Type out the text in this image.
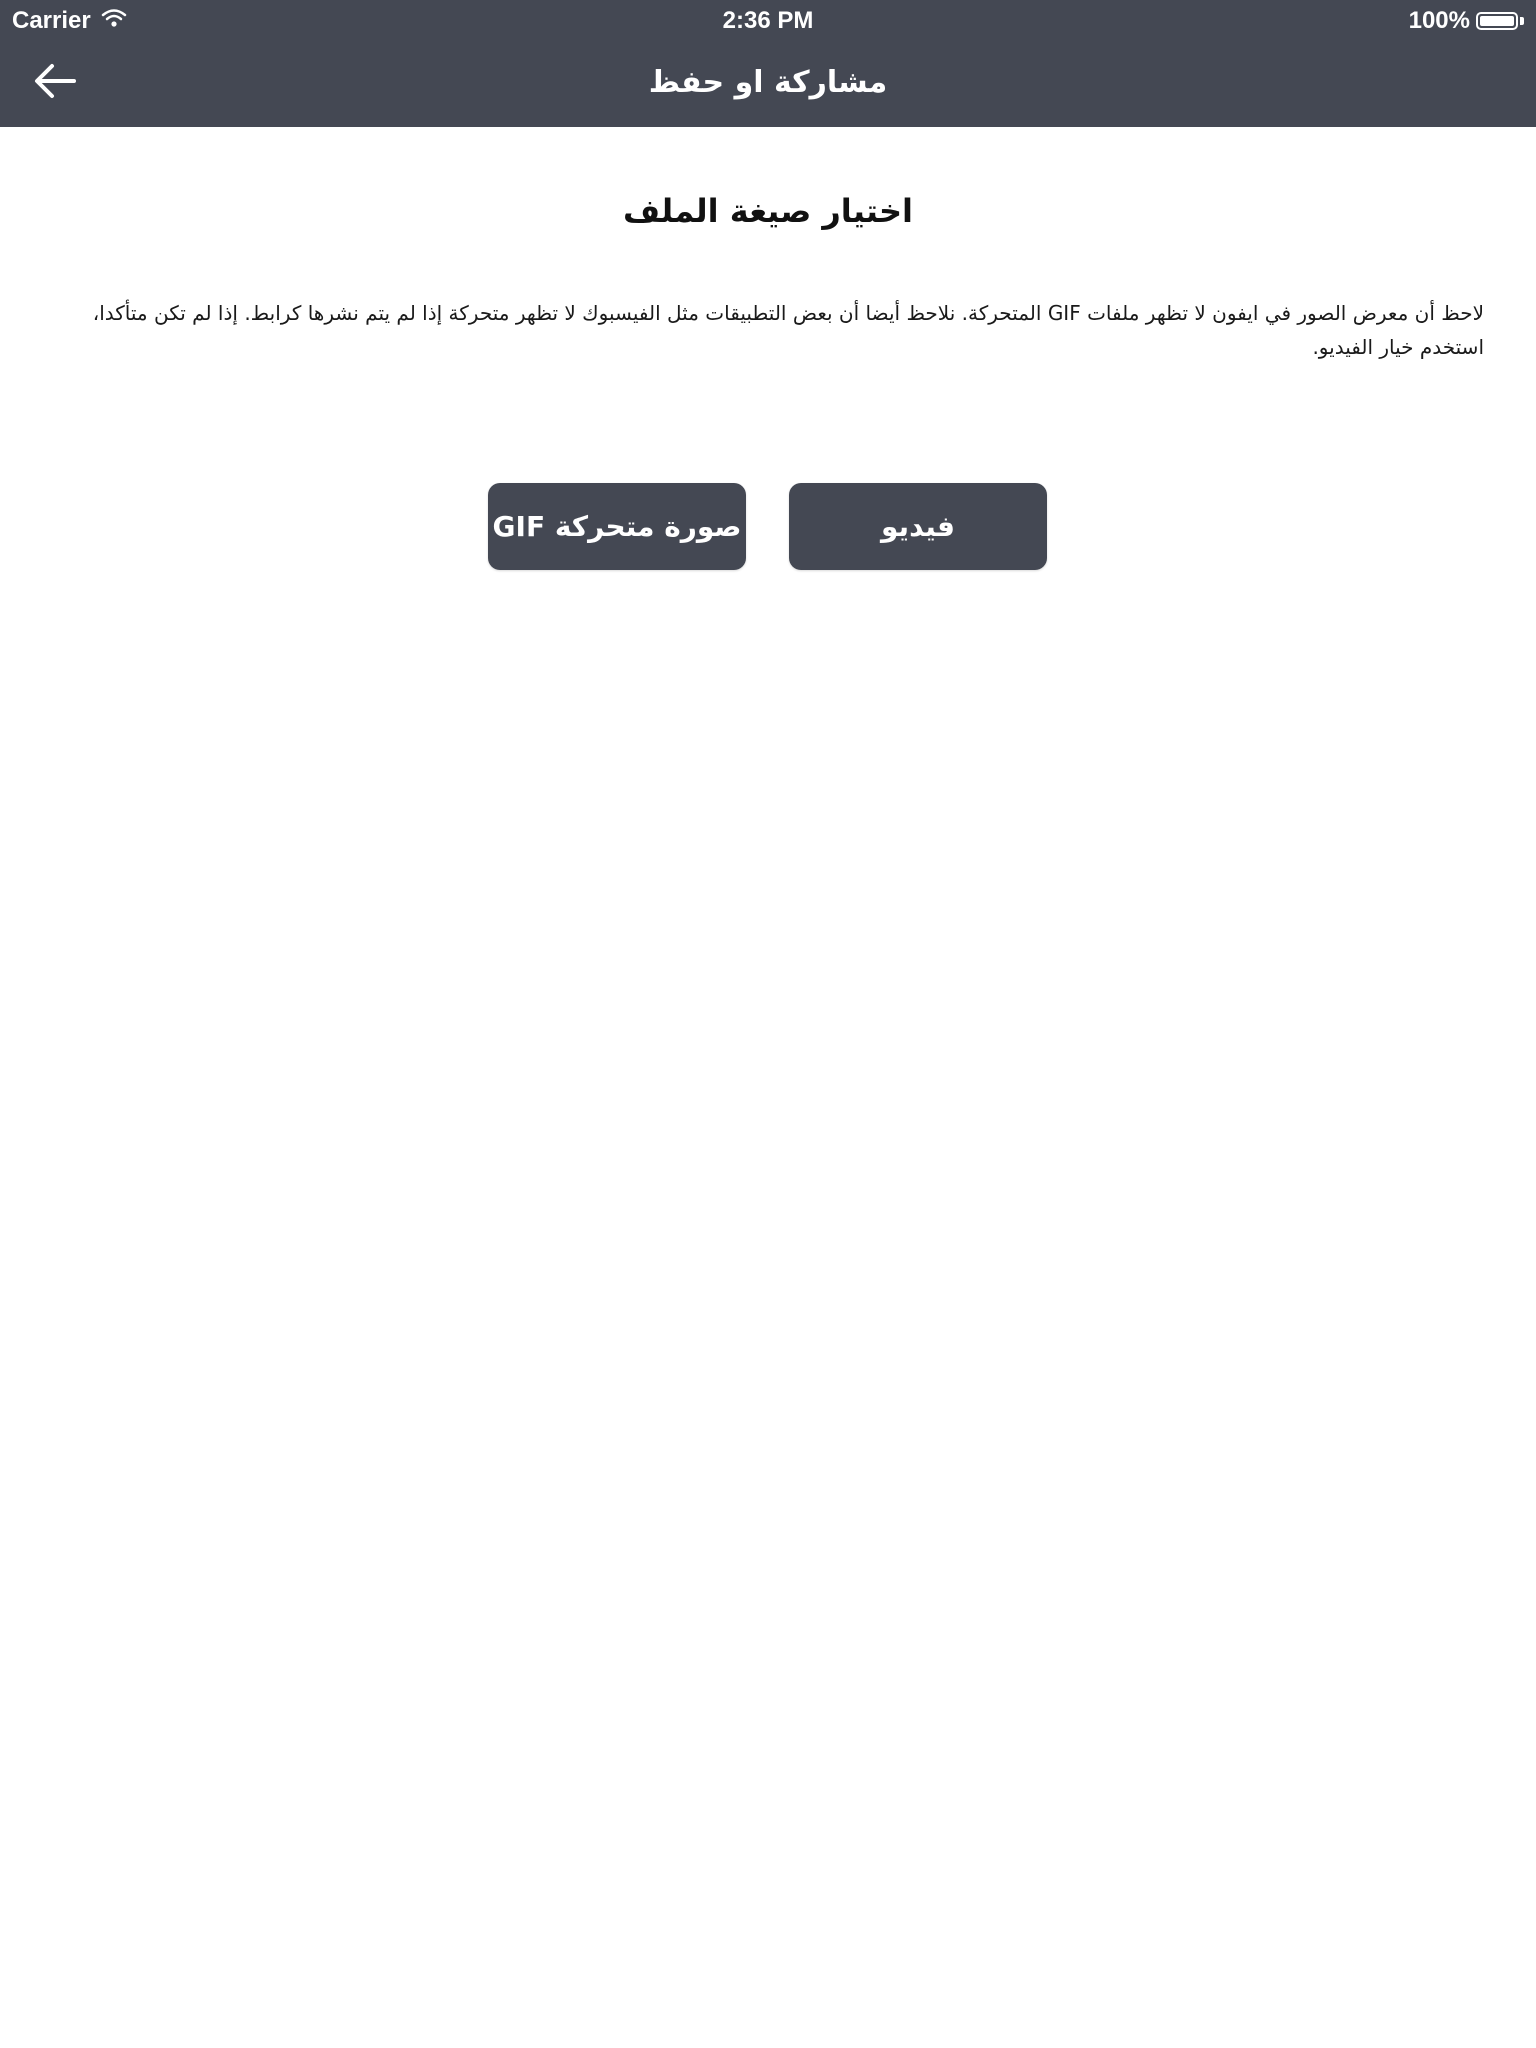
Carrier	2:36 PM	100%
مشاركة او حفظ
اختيار صيغة الملف
لاحظ أن معرض الصور في ايفون لا تظهر ملفات GIF المتحركة. نلاحظ أيضا أن بعض التطبيقات مثل الفيسبوك لا تظهر متحركة إذا لم يتم نشرها كرابط. إذا لم تكن متأكدا، استخدم خيار الفيديو.
صورة متحركة GIF	فيديو
